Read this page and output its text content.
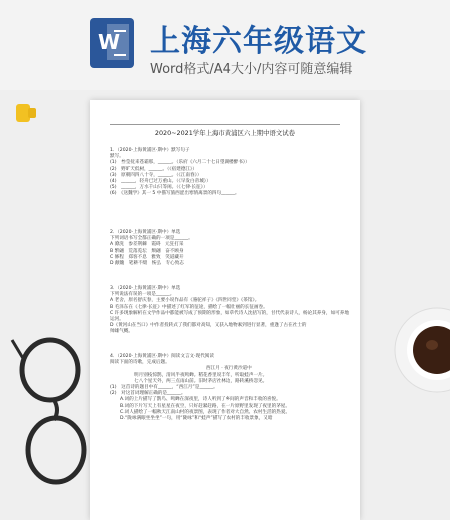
W 上海六年级语文
Word格式/A4大小/内容可随意编辑
2020~2021学年上海市黄浦区六上期中语文试卷
1．（2020·上海黄浦区·期中）默写句子
默写。
(1)　叁莹抚来苍霜那，______。（乐府《六月二十七日望湖楼醉书》）
(2)　野旷天低树，______。（《宿建德江》）
(3)　原朝四四八十寺，______。（《江南春》）
(4)　______，轻舟已过万重山。（《早发白帝城》）
(5)　______，万水千山只等闲。（《七律·长征》）
(6)　《送魏学》其一 5 中描写旅西涩出寒情离景的四句______。
2．（2020·上海黄浦区·期中）单选
下列词语书写全都正确的一项是______。
A 潦洗　参差荆棘　霞碍　元狂打采
B 繁翩　荒落览坛　颓翩　奋不顾身
C 修程　郑客不息　雅致　笑道藏开
D 颠簸　笔耕不缀　恢弘　专心致志
3．（2020·上海黄浦区·期中）单选
下列说法有误的一项是______。
A 老舍，原名舒庆春，主要小说作品有《骆驼祥子》《四世同堂》《茶馆》。
B 毛泽东在《七律·长征》中描述了红军的征途，描绘了一幅壮丽的长征画卷。
C 许多现象解析在文学作品中都能被写成了预期的形象，如草代诗人沈括写的，甘代代表诗人，杨论其养身，如可养地
运河。
D《黄河山在当口》中作者投转式了我们都对高知，又获入地物素到进行显著，重逢了古在社士的
帅雄气概。
4．（2020·上海黄浦区·期中）阅读文言文·现代阅读
阅读下面的诗歌，完成后题。
西江月 · 夜行黄沙道中
明月别枝惊鹊，清风半夜鸣蝉。稻花香里说丰年，听取蛙声一片。
七八个星天外，两三点雨山前。旧时茅店社林边，路转溪桥忽见。
(1)　这首诗的题目中有______，“西江月”是______。
(2)　对这首词理解正确的是______。
A.词的上片描写了鹊鸟、鸣蝉在深夜里，诗人听到了乡间的声音和丰收的喜悦。
B.词的下片写天上有星星在夜空，只好赶紧赶路，在一片原野里发现了夜里的茅屋。
C.词人描绘了一幅秋天江南山村的夜景图，表现了作者对大自然、农村生活的热爱。
D.“陇咏满眼坐坐坐”一句，用“陇咏”和“蛙声”描写了农村的丰收景象，又暗
